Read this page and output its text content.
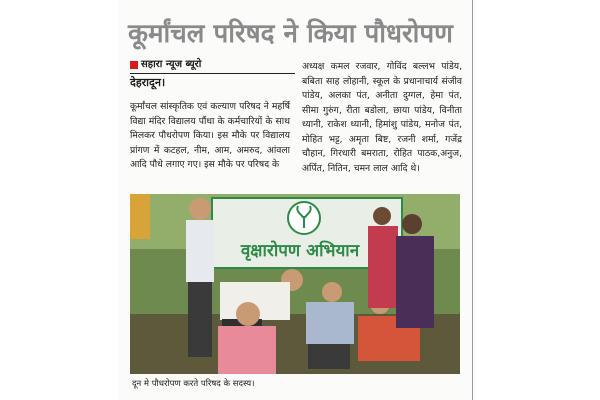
कूर्मांचल परिषद ने किया पौधरोपण
सहारा न्यूज ब्यूरो
देहरादून।
कूर्मांचल सांस्कृतिक एवं कल्याण परिषद ने महर्षि विद्या मंदिर विद्यालय पौंधा के कर्मचारियों के साथ मिलकर पौधरोपण किया। इस मौके पर विद्यालय प्रांगण में कटहल, नीम, आम, अमरुद, आंवला आदि पौधे लगाए गए। इस मौके पर परिषद के
अध्यक्ष कमल रजवार, गोविंद बल्लभ पांडेय, बबिता साह लोहानी, स्कूल के प्रधानाचार्य संजीव पांडेय, अलका पंत, अनीता दुग्गल, हेमा पंत, सीमा गुरुंग, रीता बडोला, छाया पांडेय, विनीता ध्यानी, राकेश ध्यानी, हिमांशु पांडेय, मनोज पंत, मोहित भट्ट, अमृता बिष्ट, रजनी शर्मा, गजेंद्र चौहान, गिरधारी बमराता, रोहित पाठक,अनुज, अर्पित, नितिन, चमन लाल आदि थे।
वृक्षारोपण अभियान
दून मे पौधरोपण करते परिषद के सदस्य।
